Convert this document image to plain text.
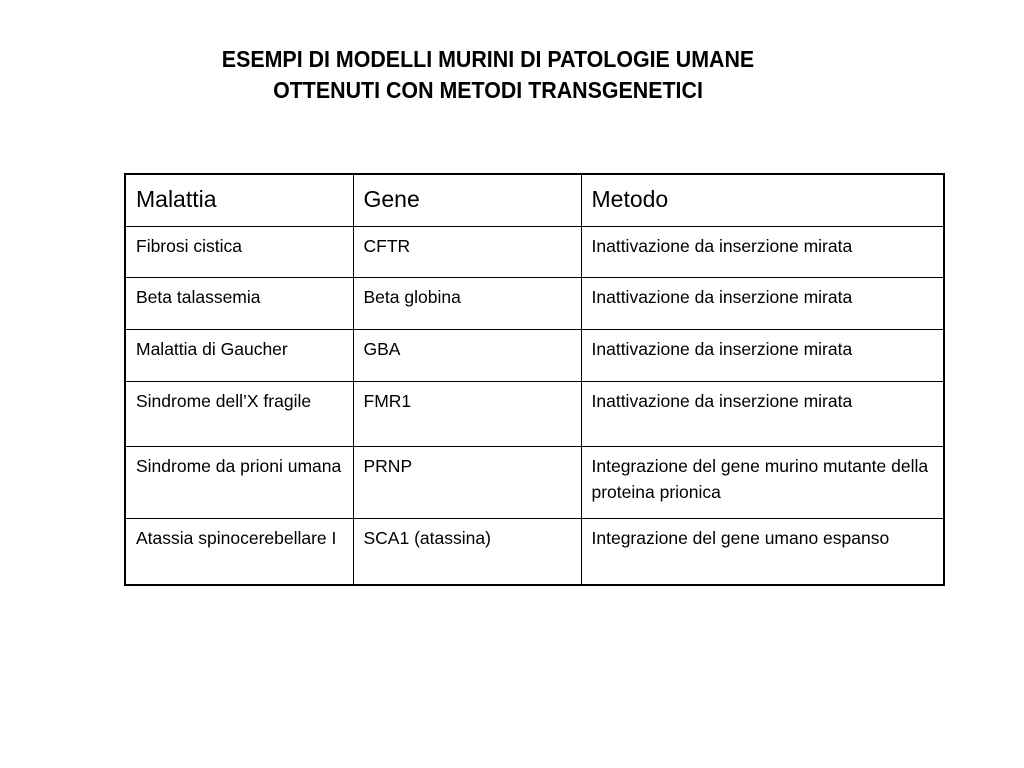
ESEMPI DI MODELLI MURINI DI PATOLOGIE UMANE
OTTENUTI CON METODI TRANSGENETICI
Malattia	Gene	Metodo

Fibrosi cistica	CFTR	Inattivazione da inserzione mirata

Beta talassemia	Beta globina	Inattivazione da inserzione mirata

Malattia di Gaucher	GBA	Inattivazione da inserzione mirata

Sindrome dell’X fragile	FMR1	Inattivazione da inserzione mirata

Sindrome da prioni umana	PRNP	Integrazione del gene murino mutante della proteina prionica

Atassia spinocerebellare I	SCA1 (atassina)	Integrazione del gene umano espanso
